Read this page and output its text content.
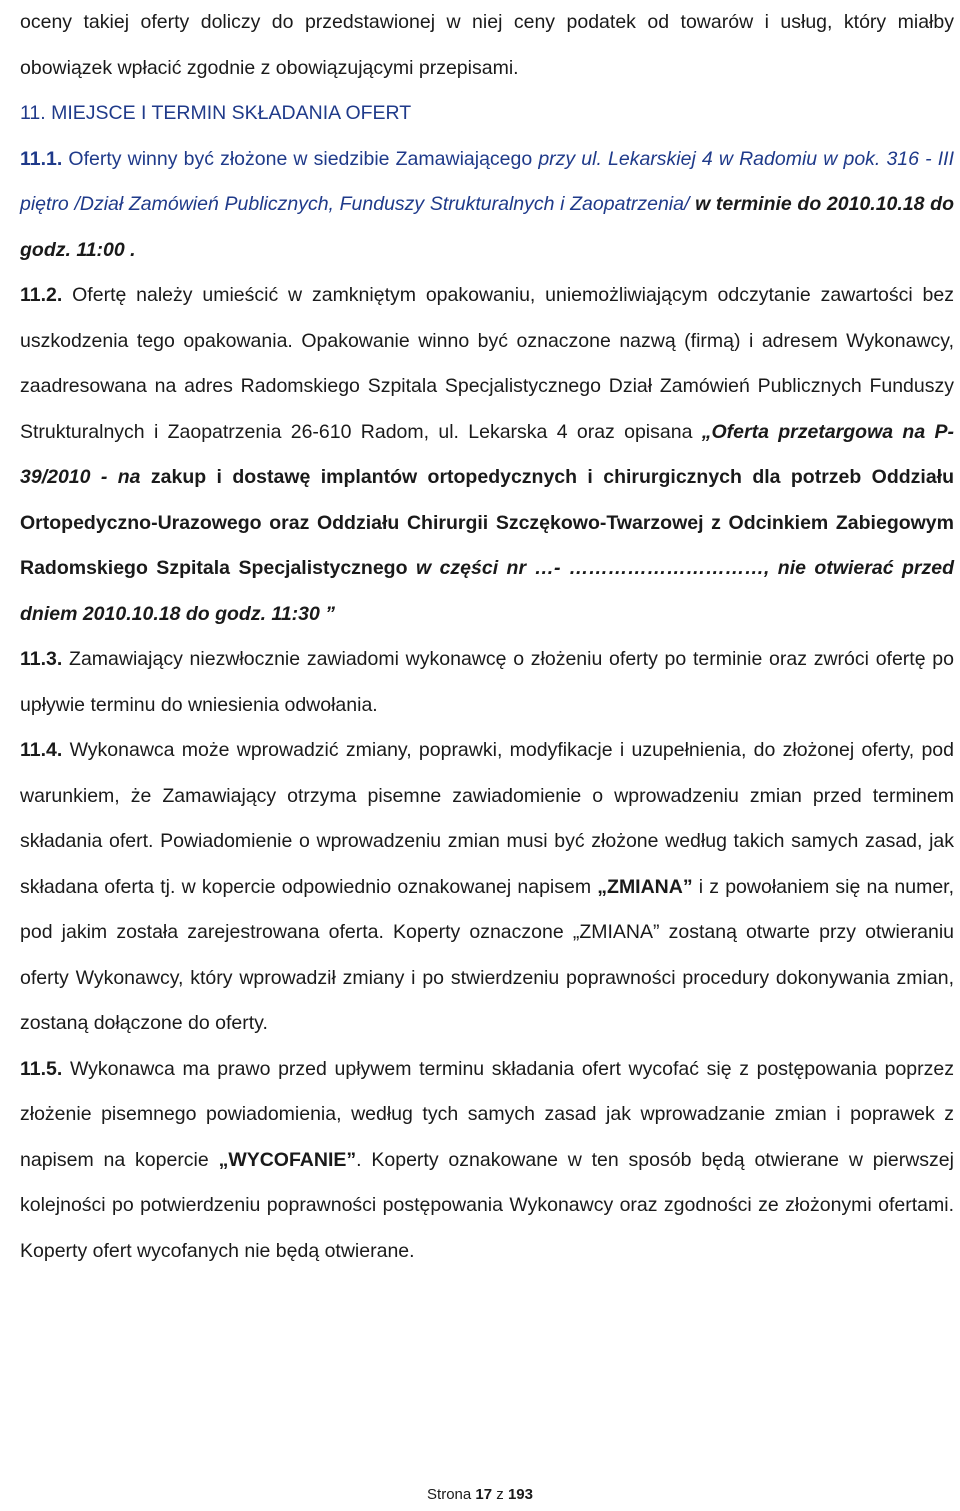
oceny takiej oferty doliczy do przedstawionej w niej ceny podatek od towarów i usług, który miałby obowiązek wpłacić zgodnie z obowiązującymi przepisami.

11. MIEJSCE I TERMIN SKŁADANIA OFERT

11.1. Oferty winny być złożone w siedzibie Zamawiającego przy ul. Lekarskiej 4 w Radomiu w pok. 316 - III piętro /Dział Zamówień Publicznych, Funduszy Strukturalnych i Zaopatrzenia/ w terminie do 2010.10.18 do godz. 11:00 .

11.2. Ofertę należy umieścić w zamkniętym opakowaniu, uniemożliwiającym odczytanie zawartości bez uszkodzenia tego opakowania. Opakowanie winno być oznaczone nazwą (firmą) i adresem Wykonawcy, zaadresowana na adres Radomskiego Szpitala Specjalistycznego Dział Zamówień Publicznych Funduszy Strukturalnych i Zaopatrzenia 26-610 Radom, ul. Lekarska 4 oraz opisana „Oferta przetargowa na P-39/2010 - na zakup i dostawę implantów ortopedycznych i chirurgicznych dla potrzeb Oddziału Ortopedyczno-Urazowego oraz Oddziału Chirurgii Szczękowo-Twarzowej z Odcinkiem Zabiegowym Radomskiego Szpitala Specjalistycznego w części nr …- …………………………, nie otwierać przed dniem 2010.10.18 do godz. 11:30 ”

11.3. Zamawiający niezwłocznie zawiadomi wykonawcę o złożeniu oferty po terminie oraz zwróci ofertę po upływie terminu do wniesienia odwołania.

11.4. Wykonawca może wprowadzić zmiany, poprawki, modyfikacje i uzupełnienia, do złożonej oferty, pod warunkiem, że Zamawiający otrzyma pisemne zawiadomienie o wprowadzeniu zmian przed terminem składania ofert. Powiadomienie o wprowadzeniu zmian musi być złożone według takich samych zasad, jak składana oferta tj. w kopercie odpowiednio oznakowanej napisem „ZMIANA” i z powołaniem się na numer, pod jakim została zarejestrowana oferta. Koperty oznaczone „ZMIANA” zostaną otwarte przy otwieraniu oferty Wykonawcy, który wprowadził zmiany i po stwierdzeniu poprawności procedury dokonywania zmian, zostaną dołączone do oferty.

11.5. Wykonawca ma prawo przed upływem terminu składania ofert wycofać się z postępowania poprzez złożenie pisemnego powiadomienia, według tych samych zasad jak wprowadzanie zmian i poprawek z napisem na kopercie „WYCOFANIE”. Koperty oznakowane w ten sposób będą otwierane w pierwszej kolejności po potwierdzeniu poprawności postępowania Wykonawcy oraz zgodności ze złożonymi ofertami. Koperty ofert wycofanych nie będą otwierane.

Strona 17 z 193
